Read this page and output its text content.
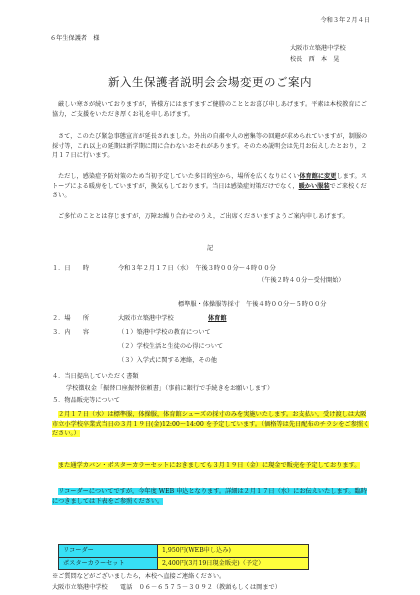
令和３年２月４日
６年生保護者　様
大阪市立築港中学校
校長　西　本　晃
新入生保護者説明会会場変更のご案内
厳しい寒さが続いておりますが，皆様方にはますますご健勝のこととお喜び申しあげます。平素は本校教育にご協力，ご支援をいただき厚くお礼を申しあげます。
さて，このたび緊急事態宣言が延長されました。外出の自粛や人の密集等の回避が求められていますが，制服の採寸等，これ以上の延期は新学期に間に合わないおそれがあります。そのため説明会は先月お伝えしたとおり，２月１７日に行います。
ただし，感染症予防対策のため当初予定していた多目的室から，場所を広くなりにくい体育館に変更します。ストーブによる暖房をしていますが，換気もしております。当日は感染症対策だけでなく，暖かい服装でご来校ください。
ご多忙のこととは存じますが，万障お繰り合わせのうえ，ご出席くださいますようご案内申しあげます。
記
１．日　　時	令和３年２月１７日（水）　午後３時００分～４時００分
（午後２時４０分～受付開始）
標準服・体操服等採寸　午後４時００分～５時００分
２．場　　所	大阪市立築港中学校	体育館
３．内　　容	（１）築港中学校の教育について
（２）学校生活と生徒の心得について
（３）入学式に関する連絡，その他
４．当日提出していただく書類
学校徴収金「振替口座振替依頼書」（事前に銀行で手続きをお願いします）
５．物品販売等について
２月１７日（水）は標準服，体操服，体育館シューズの採寸のみを実施いたします。お支払い，受け渡しは大阪市立小学校卒業式当日の３月１９日(金)12:00～14:00 を予定しています。（価格等は先日配布のチラシをご参照ください。）
また通学カバン・ポスターカラーセットにおきましても３月１９日（金）に現金で販売を予定しております。
リコーダーについてですが，今年度 WEB 申込となります。詳細は２月１７日（水）にお伝えいたします。臨時につきましては下表をご参照ください。
リコーダー	1,950円(WEB申し込み)
ポスターカラーセット	2,400円(3月19日現金販売)（予定）
※ご質問などがございましたら，本校へ直接ご連絡ください。
大阪市立築港中学校　　電話　０６－６５７５－３０９２（教頭もしくは岡まで）
